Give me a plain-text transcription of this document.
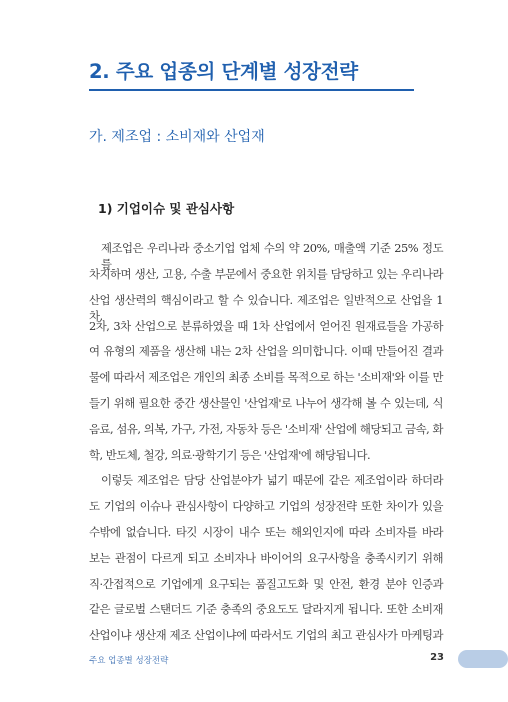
2. 주요 업종의 단계별 성장전략
가. 제조업 : 소비재와 산업재
1) 기업이슈 및 관심사항
제조업은 우리나라 중소기업 업체 수의 약 20%, 매출액 기준 25% 정도를
차지하며 생산, 고용, 수출 부문에서 중요한 위치를 담당하고 있는 우리나라
산업 생산력의 핵심이라고 할 수 있습니다. 제조업은 일반적으로 산업을 1차,
2차, 3차 산업으로 분류하였을 때 1차 산업에서 얻어진 원재료들을 가공하
여 유형의 제품을 생산해 내는 2차 산업을 의미합니다. 이때 만들어진 결과
물에 따라서 제조업은 개인의 최종 소비를 목적으로 하는 '소비재'와 이를 만
들기 위해 필요한 중간 생산물인 '산업재'로 나누어 생각해 볼 수 있는데, 식
음료, 섬유, 의복, 가구, 가전, 자동차 등은 '소비재' 산업에 해당되고 금속, 화
학, 반도체, 철강, 의료·광학기기 등은 '산업재'에 해당됩니다.
이렇듯 제조업은 담당 산업분야가 넓기 때문에 같은 제조업이라 하더라
도 기업의 이슈나 관심사항이 다양하고 기업의 성장전략 또한 차이가 있을
수밖에 없습니다. 타깃 시장이 내수 또는 해외인지에 따라 소비자를 바라
보는 관점이 다르게 되고 소비자나 바이어의 요구사항을 충족시키기 위해
직·간접적으로 기업에게 요구되는 품질고도화 및 안전, 환경 분야 인증과
같은 글로벌 스탠더드 기준 충족의 중요도도 달라지게 됩니다. 또한 소비재
산업이냐 생산재 제조 산업이냐에 따라서도 기업의 최고 관심사가 마케팅과
주요 업종별 성장전략	23
